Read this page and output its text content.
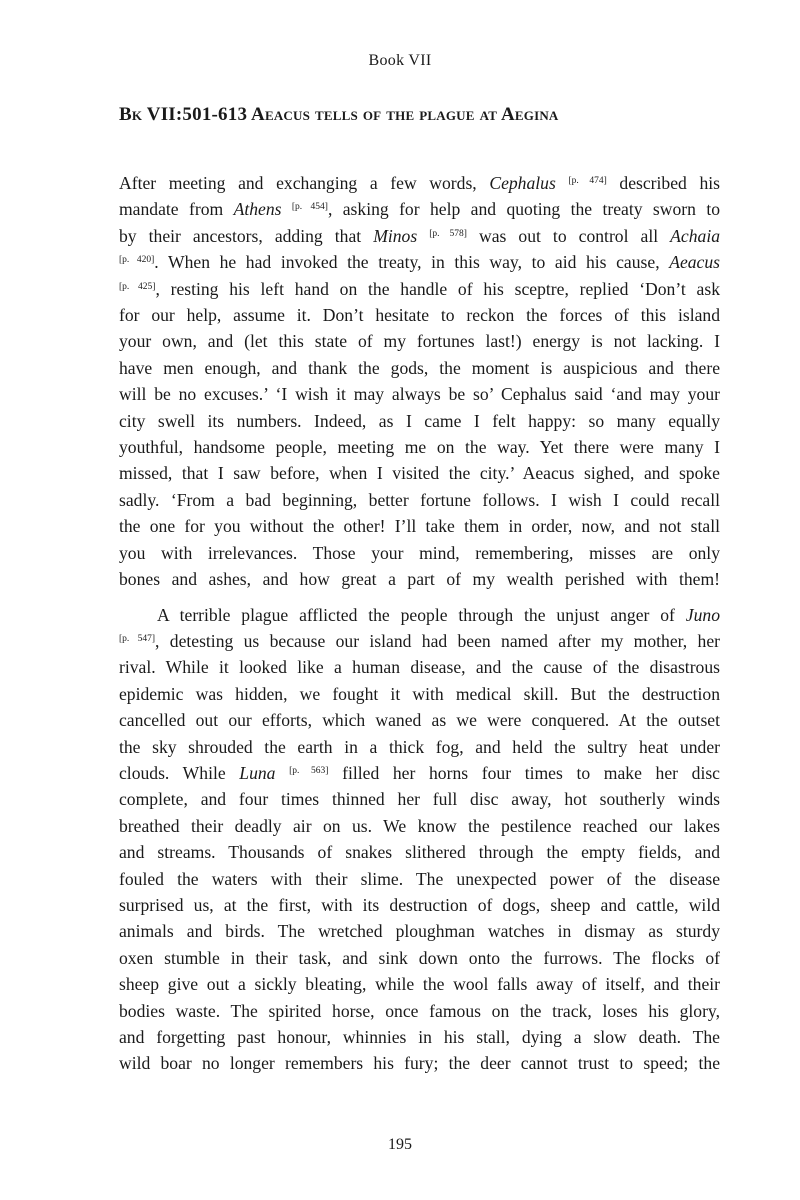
Book VII
Bk VII:501-613 Aeacus tells of the plague at Aegina

After meeting and exchanging a few words, Cephalus [p. 474] described his
mandate from Athens [p. 454], asking for help and quoting the treaty sworn to
by their ancestors, adding that Minos [p. 578] was out to control all Achaia
[p. 420]. When he had invoked the treaty, in this way, to aid his cause, Aeacus
[p. 425], resting his left hand on the handle of his sceptre, replied ‘Don’t ask
for our help, assume it. Don’t hesitate to reckon the forces of this island
your own, and (let this state of my fortunes last!) energy is not lacking. I
have men enough, and thank the gods, the moment is auspicious and there
will be no excuses.’ ‘I wish it may always be so’ Cephalus said ‘and may your
city swell its numbers. Indeed, as I came I felt happy: so many equally
youthful, handsome people, meeting me on the way. Yet there were many I
missed, that I saw before, when I visited the city.’ Aeacus sighed, and spoke
sadly. ‘From a bad beginning, better fortune follows. I wish I could recall
the one for you without the other! I’ll take them in order, now, and not stall
you with irrelevances. Those your mind, remembering, misses are only
bones and ashes, and how great a part of my wealth perished with them!

A terrible plague afflicted the people through the unjust anger of Juno
[p. 547], detesting us because our island had been named after my mother, her
rival. While it looked like a human disease, and the cause of the disastrous
epidemic was hidden, we fought it with medical skill. But the destruction
cancelled out our efforts, which waned as we were conquered. At the outset
the sky shrouded the earth in a thick fog, and held the sultry heat under
clouds. While Luna [p. 563] filled her horns four times to make her disc
complete, and four times thinned her full disc away, hot southerly winds
breathed their deadly air on us. We know the pestilence reached our lakes
and streams. Thousands of snakes slithered through the empty fields, and
fouled the waters with their slime. The unexpected power of the disease
surprised us, at the first, with its destruction of dogs, sheep and cattle, wild
animals and birds. The wretched ploughman watches in dismay as sturdy
oxen stumble in their task, and sink down onto the furrows. The flocks of
sheep give out a sickly bleating, while the wool falls away of itself, and their
bodies waste. The spirited horse, once famous on the track, loses his glory,
and forgetting past honour, whinnies in his stall, dying a slow death. The
wild boar no longer remembers his fury; the deer cannot trust to speed; the

195
